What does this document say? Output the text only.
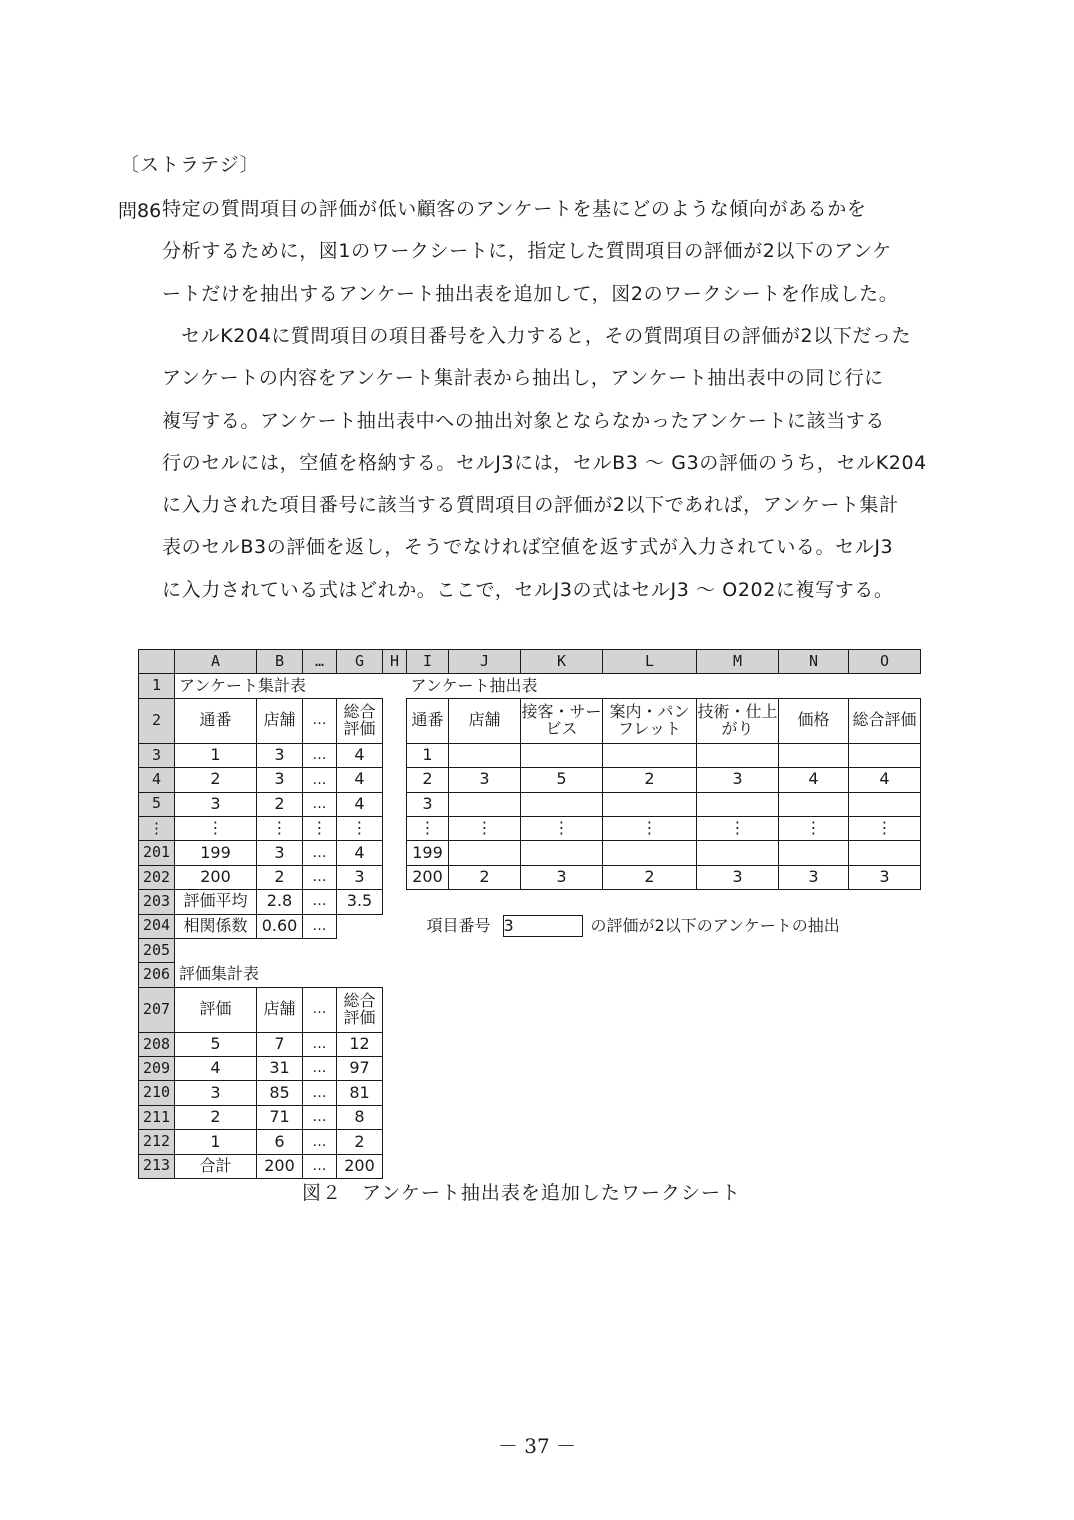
〔ストラテジ〕
問86 特定の質問項目の評価が低い顧客のアンケートを基にどのような傾向があるかを

分析するために，図1のワークシートに，指定した質問項目の評価が2以下のアンケ

ートだけを抽出するアンケート抽出表を追加して，図2のワークシートを作成した。

セルK204に質問項目の項目番号を入力すると，その質問項目の評価が2以下だった

アンケートの内容をアンケート集計表から抽出し，アンケート抽出表中の同じ行に

複写する。アンケート抽出表中への抽出対象とならなかったアンケートに該当する

行のセルには，空値を格納する。セルJ3には，セルB3 ～ G3の評価のうち，セルK204

に入力された項目番号に該当する質問項目の評価が2以下であれば，アンケート集計

表のセルB3の評価を返し，そうでなければ空値を返す式が入力されている。セルJ3

に入力されている式はどれか。ここで，セルJ3の式はセルJ3 ～ O202に複写する。

	A	B	…	G	H	I	J	K	L	M	N	O
1	アンケート集計表					アンケート抽出表						
2	通番	店舗	…	総合評価		通番	店舗	接客・サービス	案内・パンフレット	技術・仕上がり	価格	総合評価
3	1	3	…	4		1						
4	2	3	…	4		2	3	5	2	3	4	4
5	3	2	…	4		3						
⋮	⋮	⋮	⋮	⋮		⋮	⋮	⋮	⋮	⋮	⋮	⋮
201	199	3	…	4		199						
202	200	2	…	3		200	2	3	2	3	3	3
203	評価平均	2.8	…	3.5								
204	相関係数	0.60	…			項目番号 3 の評価が2以下のアンケートの抽出						
205												
206	評価集計表											
207	評価	店舗	…	総合評価								
208	5	7	…	12								
209	4	31	…	97								
210	3	85	…	81								
211	2	71	…	8								
212	1	6	…	2								
213	合計	200	…	200								
図２　アンケート抽出表を追加したワークシート
－ 37 －
